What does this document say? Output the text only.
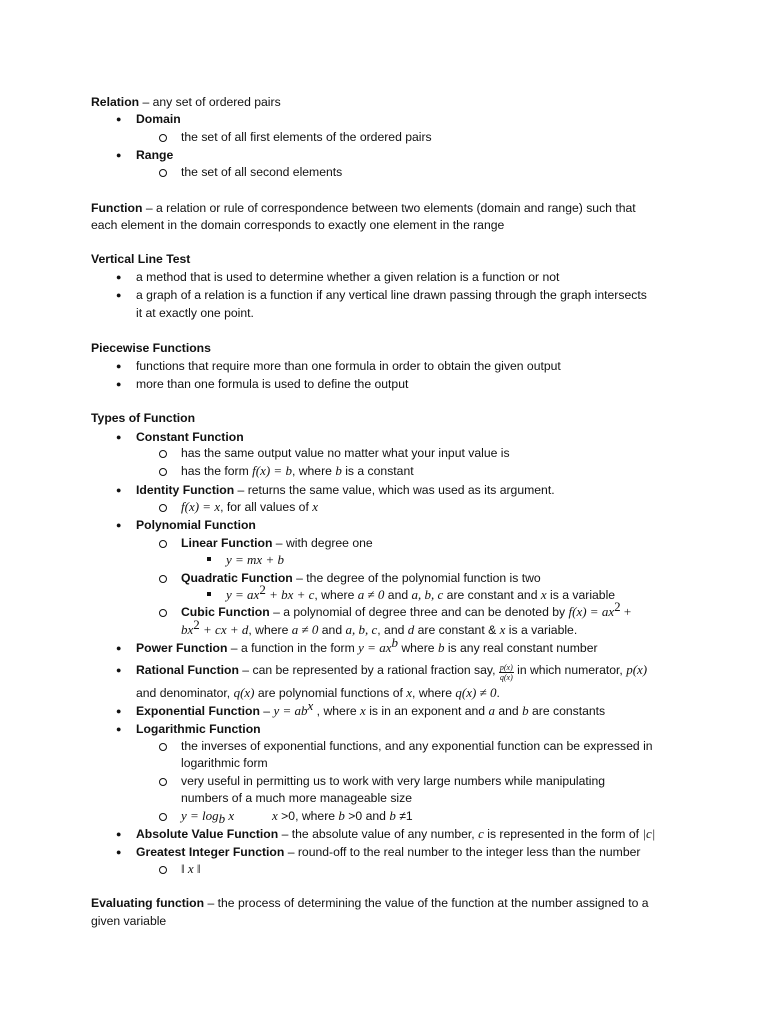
Relation – any set of ordered pairs
● Domain
the set of all first elements of the ordered pairs
● Range
the set of all second elements
Function – a relation or rule of correspondence between two elements (domain and range) such that
each element in the domain corresponds to exactly one element in the range
Vertical Line Test
● a method that is used to determine whether a given relation is a function or not
● a graph of a relation is a function if any vertical line drawn passing through the graph intersects
it at exactly one point.
Piecewise Functions
● functions that require more than one formula in order to obtain the given output
● more than one formula is used to define the output
Types of Function
● Constant Function
has the same output value no matter what your input value is
has the form f(x) = b, where b is a constant
● Identity Function – returns the same value, which was used as its argument.
f(x) = x, for all values of x
● Polynomial Function
Linear Function – with degree one
y = mx + b
Quadratic Function – the degree of the polynomial function is two
$y = ax^2$ + bx + c, where a ≠ 0 and a, b, c are constant and x is a variable
Cubic Function – a polynomial of degree three and can be denoted by $f(x) = ax^2$ +
$bx^2$ + cx + d, where a ≠ 0 and a, b, c, and d are constant & x is a variable.
● Power Function – a function in the form $y = ax^b$ where b is any real constant number
● Rational Function – can be represented by a rational fraction say, $\frac{p(x)}{q(x)}$ in which numerator, p(x)
and denominator, q(x) are polynomial functions of x, where q(x) ≠ 0.
● Exponential Function – $y = ab^x$ , where x is in an exponent and a and b are constants
● Logarithmic Function
the inverses of exponential functions, and any exponential function can be expressed in
logarithmic form
very useful in permitting us to work with very large numbers while manipulating
numbers of a much more manageable size
$y = \log_b x$	x >0, where b >0 and b ≠1
● Absolute Value Function – the absolute value of any number, c is represented in the form of |c|
● Greatest Integer Function – round-off to the real number to the integer less than the number
‖ x ‖
Evaluating function – the process of determining the value of the function at the number assigned to a
given variable
